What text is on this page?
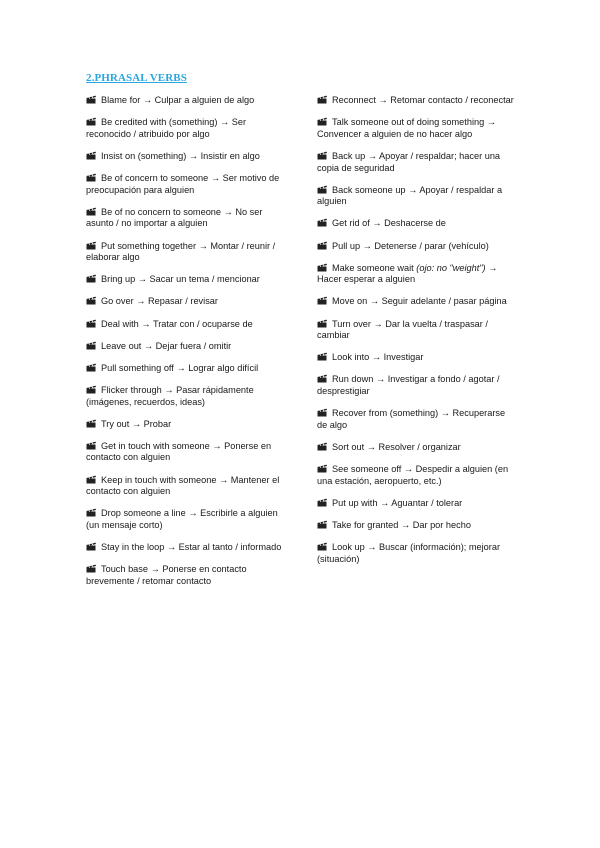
2.PHRASAL VERBS
Blame for → Culpar a alguien de algo
Be credited with (something) → Ser reconocido / atribuido por algo
Insist on (something) → Insistir en algo
Be of concern to someone → Ser motivo de preocupación para alguien
Be of no concern to someone → No ser asunto / no importar a alguien
Put something together → Montar / reunir / elaborar algo
Bring up → Sacar un tema / mencionar
Go over → Repasar / revisar
Deal with → Tratar con / ocuparse de
Leave out → Dejar fuera / omitir
Pull something off → Lograr algo difícil
Flicker through → Pasar rápidamente (imágenes, recuerdos, ideas)
Try out → Probar
Get in touch with someone → Ponerse en contacto con alguien
Keep in touch with someone → Mantener el contacto con alguien
Drop someone a line → Escribirle a alguien (un mensaje corto)
Stay in the loop → Estar al tanto / informado
Touch base → Ponerse en contacto brevemente / retomar contacto
Reconnect → Retomar contacto / reconectar
Talk someone out of doing something → Convencer a alguien de no hacer algo
Back up → Apoyar / respaldar; hacer una copia de seguridad
Back someone up → Apoyar / respaldar a alguien
Get rid of → Deshacerse de
Pull up → Detenerse / parar (vehículo)
Make someone wait (ojo: no "weight") → Hacer esperar a alguien
Move on → Seguir adelante / pasar página
Turn over → Dar la vuelta / traspasar / cambiar
Look into → Investigar
Run down → Investigar a fondo / agotar / desprestigiar
Recover from (something) → Recuperarse de algo
Sort out → Resolver / organizar
See someone off → Despedir a alguien (en una estación, aeropuerto, etc.)
Put up with → Aguantar / tolerar
Take for granted → Dar por hecho
Look up → Buscar (información); mejorar (situación)
